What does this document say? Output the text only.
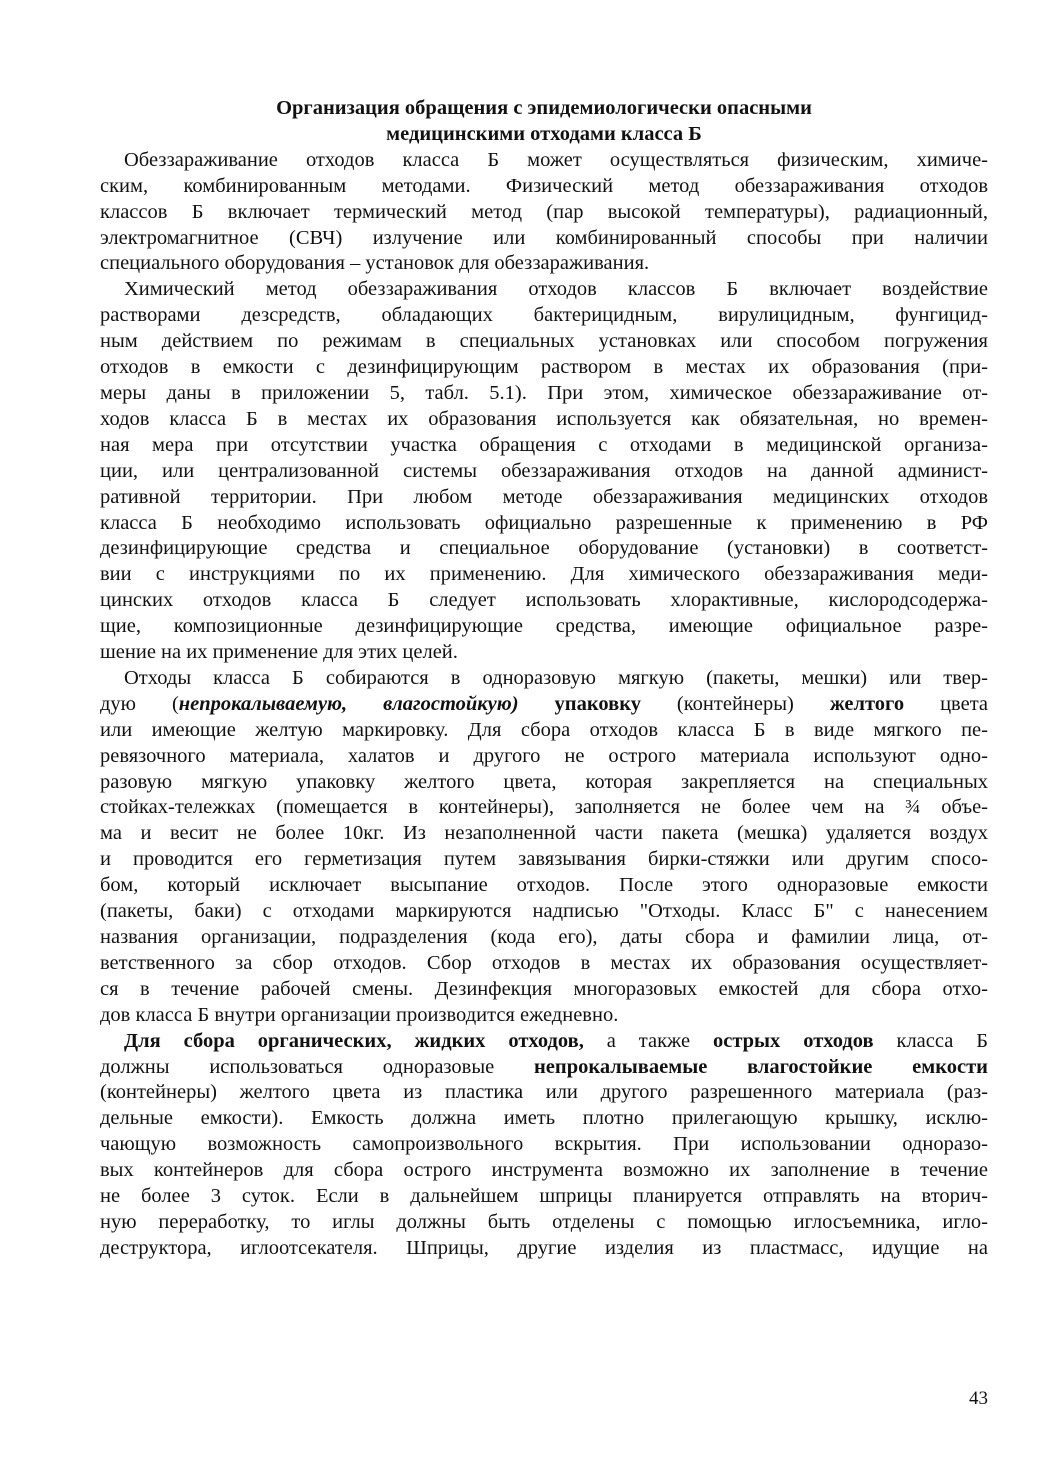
Организация обращения с эпидемиологически опасными
медицинскими отходами класса Б
Обеззараживание отходов класса Б может осуществляться физическим, химиче-
ским, комбинированным методами. Физический метод обеззараживания отходов
классов Б включает термический метод (пар высокой температуры), радиационный,
электромагнитное (СВЧ) излучение или комбинированный способы при наличии
специального оборудования – установок для обеззараживания.
Химический метод обеззараживания отходов классов Б включает воздействие
растворами дезсредств, обладающих бактерицидным, вирулицидным, фунгицид-
ным действием по режимам в специальных установках или способом погружения
отходов в емкости с дезинфицирующим раствором в местах их образования (при-
меры даны в приложении 5, табл. 5.1). При этом, химическое обеззараживание от-
ходов класса Б в местах их образования используется как обязательная, но времен-
ная мера при отсутствии участка обращения с отходами в медицинской организа-
ции, или централизованной системы обеззараживания отходов на данной админист-
ративной территории. При любом методе обеззараживания медицинских отходов
класса Б необходимо использовать официально разрешенные к применению в РФ
дезинфицирующие средства и специальное оборудование (установки) в соответст-
вии с инструкциями по их применению. Для химического обеззараживания меди-
цинских отходов класса Б следует использовать хлорактивные, кислородсодержа-
щие, композиционные дезинфицирующие средства, имеющие официальное разре-
шение на их применение для этих целей.
Отходы класса Б собираются в одноразовую мягкую (пакеты, мешки) или твер-
дую (непрокалываемую, влагостойкую) упаковку (контейнеры) желтого цвета
или имеющие желтую маркировку. Для сбора отходов класса Б в виде мягкого пе-
ревязочного материала, халатов и другого не острого материала используют одно-
разовую мягкую упаковку желтого цвета, которая закрепляется на специальных
стойках-тележках (помещается в контейнеры), заполняется не более чем на ¾ объе-
ма и весит не более 10кг. Из незаполненной части пакета (мешка) удаляется воздух
и проводится его герметизация путем завязывания бирки-стяжки или другим спосо-
бом, который исключает высыпание отходов. После этого одноразовые емкости
(пакеты, баки) с отходами маркируются надписью "Отходы. Класс Б" с нанесением
названия организации, подразделения (кода его), даты сбора и фамилии лица, от-
ветственного за сбор отходов. Сбор отходов в местах их образования осуществляет-
ся в течение рабочей смены. Дезинфекция многоразовых емкостей для сбора отхо-
дов класса Б внутри организации производится ежедневно.
Для сбора органических, жидких отходов, а также острых отходов класса Б
должны использоваться одноразовые непрокалываемые влагостойкие емкости
(контейнеры) желтого цвета из пластика или другого разрешенного материала (раз-
дельные емкости). Емкость должна иметь плотно прилегающую крышку, исклю-
чающую возможность самопроизвольного вскрытия. При использовании одноразо-
вых контейнеров для сбора острого инструмента возможно их заполнение в течение
не более 3 суток. Если в дальнейшем шприцы планируется отправлять на вторич-
ную переработку, то иглы должны быть отделены с помощью иглосъемника, игло-
деструктора, иглоотсекателя. Шприцы, другие изделия из пластмасс, идущие на
43
